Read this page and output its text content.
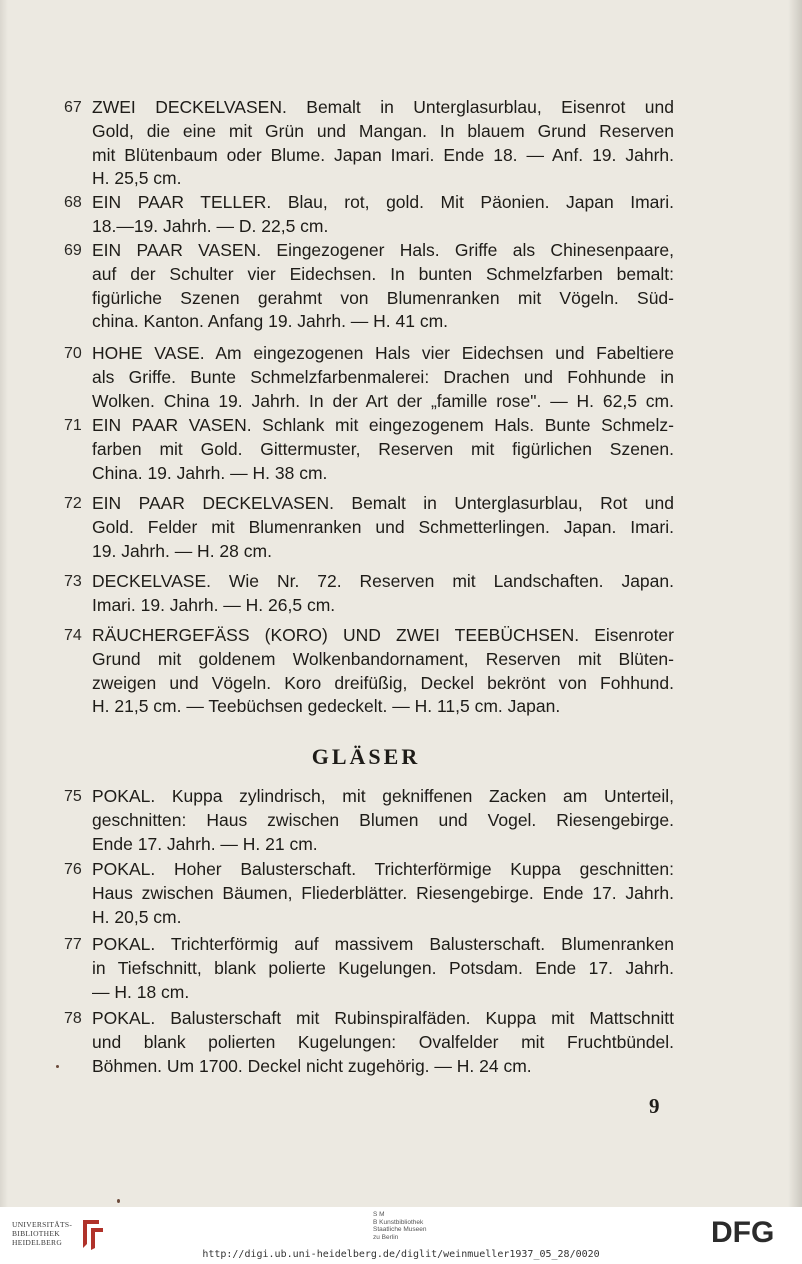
67 ZWEI DECKELVASEN. Bemalt in Unterglasurblau, Eisenrot und
Gold, die eine mit Grün und Mangan. In blauem Grund Reserven
mit Blütenbaum oder Blume. Japan Imari. Ende 18. — Anf. 19. Jahrh.
H. 25,5 cm.
68 EIN PAAR TELLER. Blau, rot, gold. Mit Päonien. Japan Imari.
18.—19. Jahrh. — D. 22,5 cm.
69 EIN PAAR VASEN. Eingezogener Hals. Griffe als Chinesenpaare,
auf der Schulter vier Eidechsen. In bunten Schmelzfarben bemalt:
figürliche Szenen gerahmt von Blumenranken mit Vögeln. Süd-
china. Kanton. Anfang 19. Jahrh. — H. 41 cm.
70 HOHE VASE. Am eingezogenen Hals vier Eidechsen und Fabeltiere
als Griffe. Bunte Schmelzfarbenmalerei: Drachen und Fohhunde in
Wolken. China 19. Jahrh. In der Art der „famille rose". — H. 62,5 cm.
71 EIN PAAR VASEN. Schlank mit eingezogenem Hals. Bunte Schmelz-
farben mit Gold. Gittermuster, Reserven mit figürlichen Szenen.
China. 19. Jahrh. — H. 38 cm.
72 EIN PAAR DECKELVASEN. Bemalt in Unterglasurblau, Rot und
Gold. Felder mit Blumenranken und Schmetterlingen. Japan. Imari.
19. Jahrh. — H. 28 cm.
73 DECKELVASE. Wie Nr. 72. Reserven mit Landschaften. Japan.
Imari. 19. Jahrh. — H. 26,5 cm.
74 RÄUCHERGEFÄSS (KORO) UND ZWEI TEEBÜCHSEN. Eisenroter
Grund mit goldenem Wolkenbandornament, Reserven mit Blüten-
zweigen und Vögeln. Koro dreifüßig, Deckel bekrönt von Fohhund.
H. 21,5 cm. — Teebüchsen gedeckelt. — H. 11,5 cm. Japan.
GLÄSER
75 POKAL. Kuppa zylindrisch, mit gekniffenen Zacken am Unterteil,
geschnitten: Haus zwischen Blumen und Vogel. Riesengebirge.
Ende 17. Jahrh. — H. 21 cm.
76 POKAL. Hoher Balusterschaft. Trichterförmige Kuppa geschnitten:
Haus zwischen Bäumen, Fliederblätter. Riesengebirge. Ende 17. Jahrh.
H. 20,5 cm.
77 POKAL. Trichterförmig auf massivem Balusterschaft. Blumenranken
in Tiefschnitt, blank polierte Kugelungen. Potsdam. Ende 17. Jahrh.
— H. 18 cm.
78 POKAL. Balusterschaft mit Rubinspiralfäden. Kuppa mit Mattschnitt
und blank polierten Kugelungen: Ovalfelder mit Fruchtbündel.
Böhmen. Um 1700. Deckel nicht zugehörig. — H. 24 cm.
9
UNIVERSITÄTS-
BIBLIOTHEK
HEIDELBERG
S M
B Kunstbibliothek
Staatliche Museen
zu Berlin	DFG
http://digi.ub.uni-heidelberg.de/diglit/weinmueller1937_05_28/0020
